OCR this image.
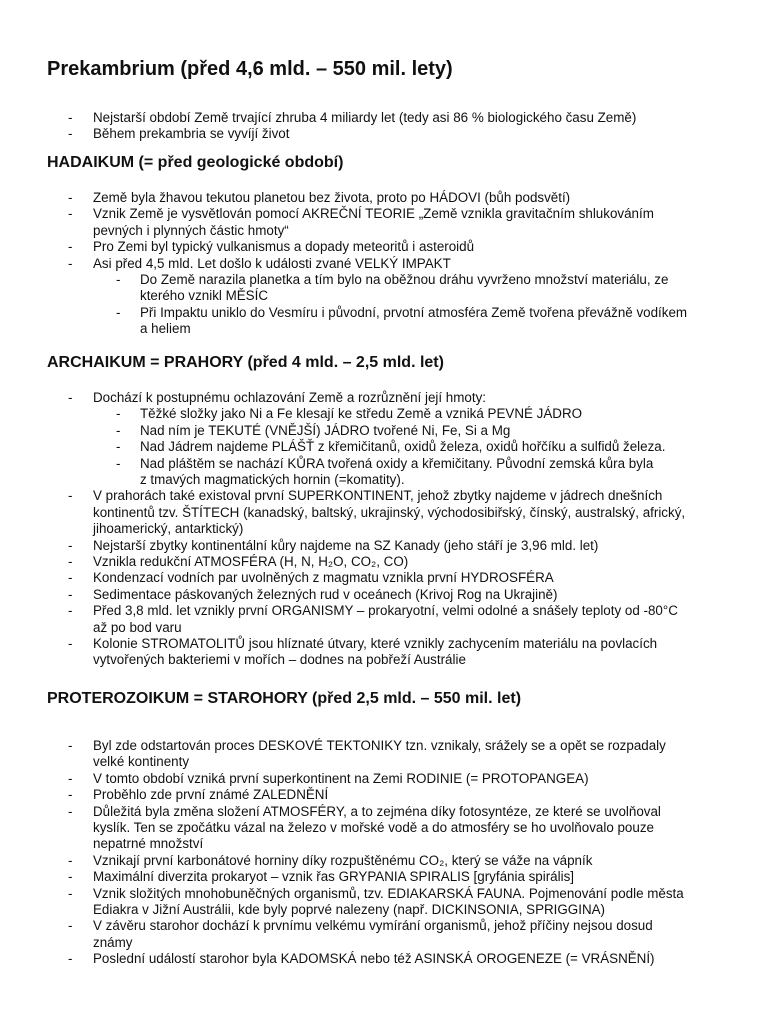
Prekambrium (před 4,6 mld. – 550 mil. lety)
HADAIKUM (= před geologické období)
ARCHAIKUM = PRAHORY (před 4 mld. – 2,5 mld. let)
PROTEROZOIKUM = STAROHORY (před 2,5 mld. – 550 mil. let)
- Nejstarší období Země trvající zhruba 4 miliardy let (tedy asi 86 % biologického času Země)
- Během prekambria se vyvíjí život
- Země byla žhavou tekutou planetou bez života, proto po HÁDOVI (bůh podsvětí)
- Vznik Země je vysvětlován pomocí AKREČNÍ TEORIE „Země vznikla gravitačním shlukováním
pevných i plynných částic hmoty“
- Pro Zemi byl typický vulkanismus a dopady meteoritů i asteroidů
- Asi před 4,5 mld. Let došlo k události zvané VELKÝ IMPAKT
- Do Země narazila planetka a tím bylo na oběžnou dráhu vyvrženo množství materiálu, ze
kterého vznikl MĚSÍC
- Při Impaktu uniklo do Vesmíru i původní, prvotní atmosféra Země tvořena převážně vodíkem
a heliem
- Dochází k postupnému ochlazování Země a rozrůznění její hmoty:
- Těžké složky jako Ni a Fe klesají ke středu Země a vzniká PEVNÉ JÁDRO
- Nad ním je TEKUTÉ (VNĚJŠÍ) JÁDRO tvořené Ni, Fe, Si a Mg
- Nad Jádrem najdeme PLÁŠŤ z křemičitanů, oxidů železa, oxidů hořčíku a sulfidů železa.
- Nad pláštěm se nachází KŮRA tvořená oxidy a křemičitany. Původní zemská kůra byla
z tmavých magmatických hornin (=komatity).
- V prahorách také existoval první SUPERKONTINENT, jehož zbytky najdeme v jádrech dnešních
kontinentů tzv. ŠTÍTECH (kanadský, baltský, ukrajinský, východosibiřský, čínský, australský, africký,
jihoamerický, antarktický)
- Nejstarší zbytky kontinentální kůry najdeme na SZ Kanady (jeho stáří je 3,96 mld. let)
- Vznikla redukční ATMOSFÉRA (H, N, H₂O, CO₂, CO)
- Kondenzací vodních par uvolněných z magmatu vznikla první HYDROSFÉRA
- Sedimentace páskovaných železných rud v oceánech (Krivoj Rog na Ukrajině)
- Před 3,8 mld. let vznikly první ORGANISMY – prokaryotní, velmi odolné a snášely teploty od -80°C
až po bod varu
- Kolonie STROMATOLITŮ jsou hlíznaté útvary, které vznikly zachycením materiálu na povlacích
vytvořených bakteriemi v mořích – dodnes na pobřeží Austrálie
- Byl zde odstartován proces DESKOVÉ TEKTONIKY tzn. vznikaly, srážely se a opět se rozpadaly
velké kontinenty
- V tomto období vzniká první superkontinent na Zemi RODINIE (= PROTOPANGEA)
- Proběhlo zde první známé ZALEDNĚNÍ
- Důležitá byla změna složení ATMOSFÉRY, a to zejména díky fotosyntéze, ze které se uvolňoval
kyslík. Ten se zpočátku vázal na železo v mořské vodě a do atmosféry se ho uvolňovalo pouze
nepatrné množství
- Vznikají první karbonátové horniny díky rozpuštěnému CO₂, který se váže na vápník
- Maximální diverzita prokaryot – vznik řas GRYPANIA SPIRALIS [gryfánia spirális]
- Vznik složitých mnohobuněčných organismů, tzv. EDIAKARSKÁ FAUNA. Pojmenování podle města
Ediakra v Jižní Austrálii, kde byly poprvé nalezeny (např. DICKINSONIA, SPRIGGINA)
- V závěru starohor dochází k prvnímu velkému vymírání organismů, jehož příčiny nejsou dosud
známy
- Poslední událostí starohor byla KADOMSKÁ nebo též ASINSKÁ OROGENEZE (= VRÁSNĚNÍ)
